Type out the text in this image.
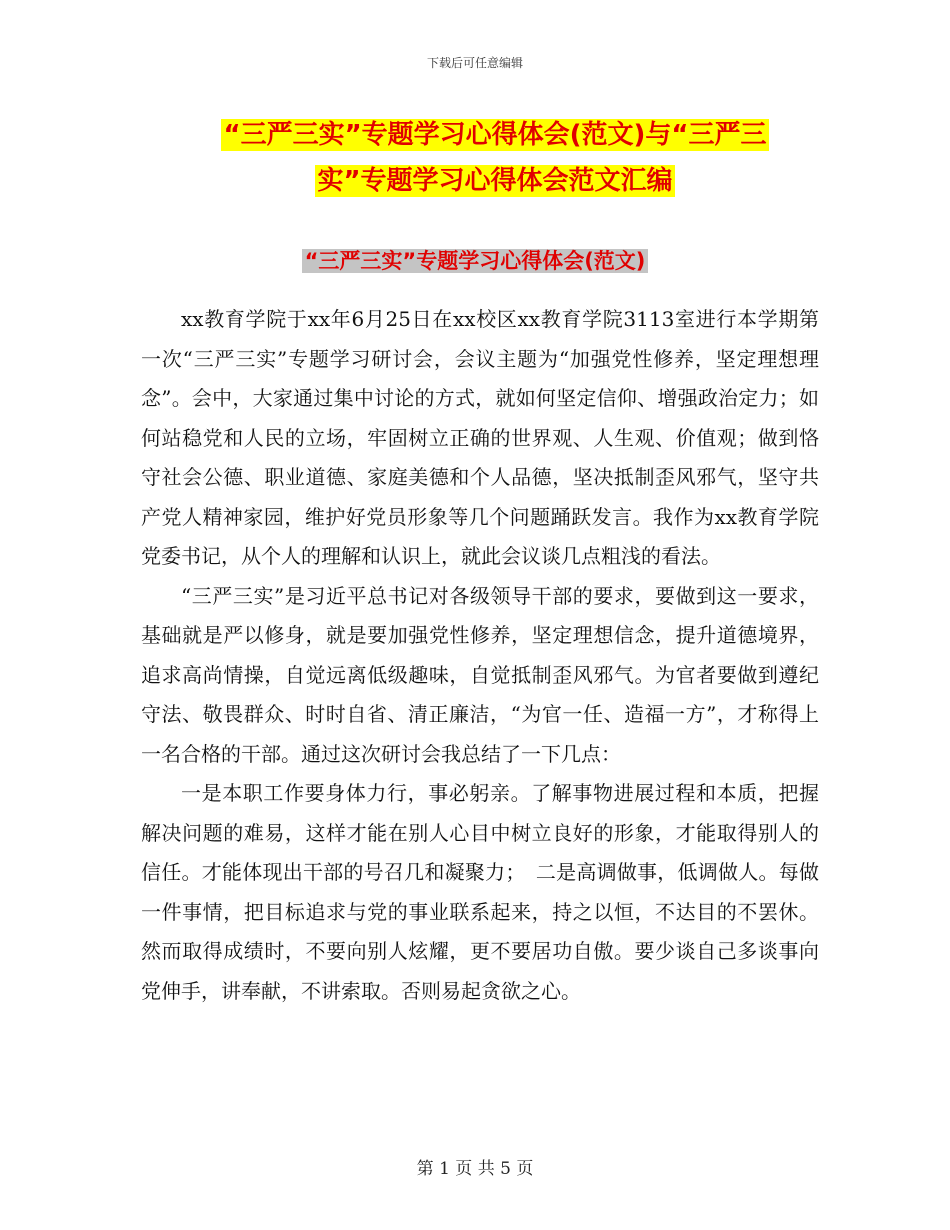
下载后可任意编辑
“三严三实”专题学习心得体会(范文)与“三严三
实”专题学习心得体会范文汇编
“三严三实”专题学习心得体会(范文)

xx教育学院于xx年6月25日在xx校区xx教育学院3113室进行本学期第一次“三严三实”专题学习研讨会，会议主题为“加强党性修养，坚定理想理念”。会中，大家通过集中讨论的方式，就如何坚定信仰、增强政治定力；如何站稳党和人民的立场，牢固树立正确的世界观、人生观、价值观；做到恪守社会公德、职业道德、家庭美德和个人品德，坚决抵制歪风邪气，坚守共产党人精神家园，维护好党员形象等几个问题踊跃发言。我作为xx教育学院党委书记，从个人的理解和认识上，就此会议谈几点粗浅的看法。

“三严三实”是习近平总书记对各级领导干部的要求，要做到这一要求，基础就是严以修身，就是要加强党性修养，坚定理想信念，提升道德境界，追求高尚情操，自觉远离低级趣味，自觉抵制歪风邪气。为官者要做到遵纪守法、敬畏群众、时时自省、清正廉洁，“为官一任、造福一方”，才称得上一名合格的干部。通过这次研讨会我总结了一下几点：

一是本职工作要身体力行，事必躬亲。了解事物进展过程和本质，把握解决问题的难易，这样才能在别人心目中树立良好的形象，才能取得别人的信任。才能体现出干部的号召几和凝聚力；　二是高调做事，低调做人。每做一件事情，把目标追求与党的事业联系起来，持之以恒，不达目的不罢休。然而取得成绩时，不要向别人炫耀，更不要居功自傲。要少谈自己多谈事向党伸手，讲奉献，不讲索取。否则易起贪欲之心。

第 1 页 共 5 页
